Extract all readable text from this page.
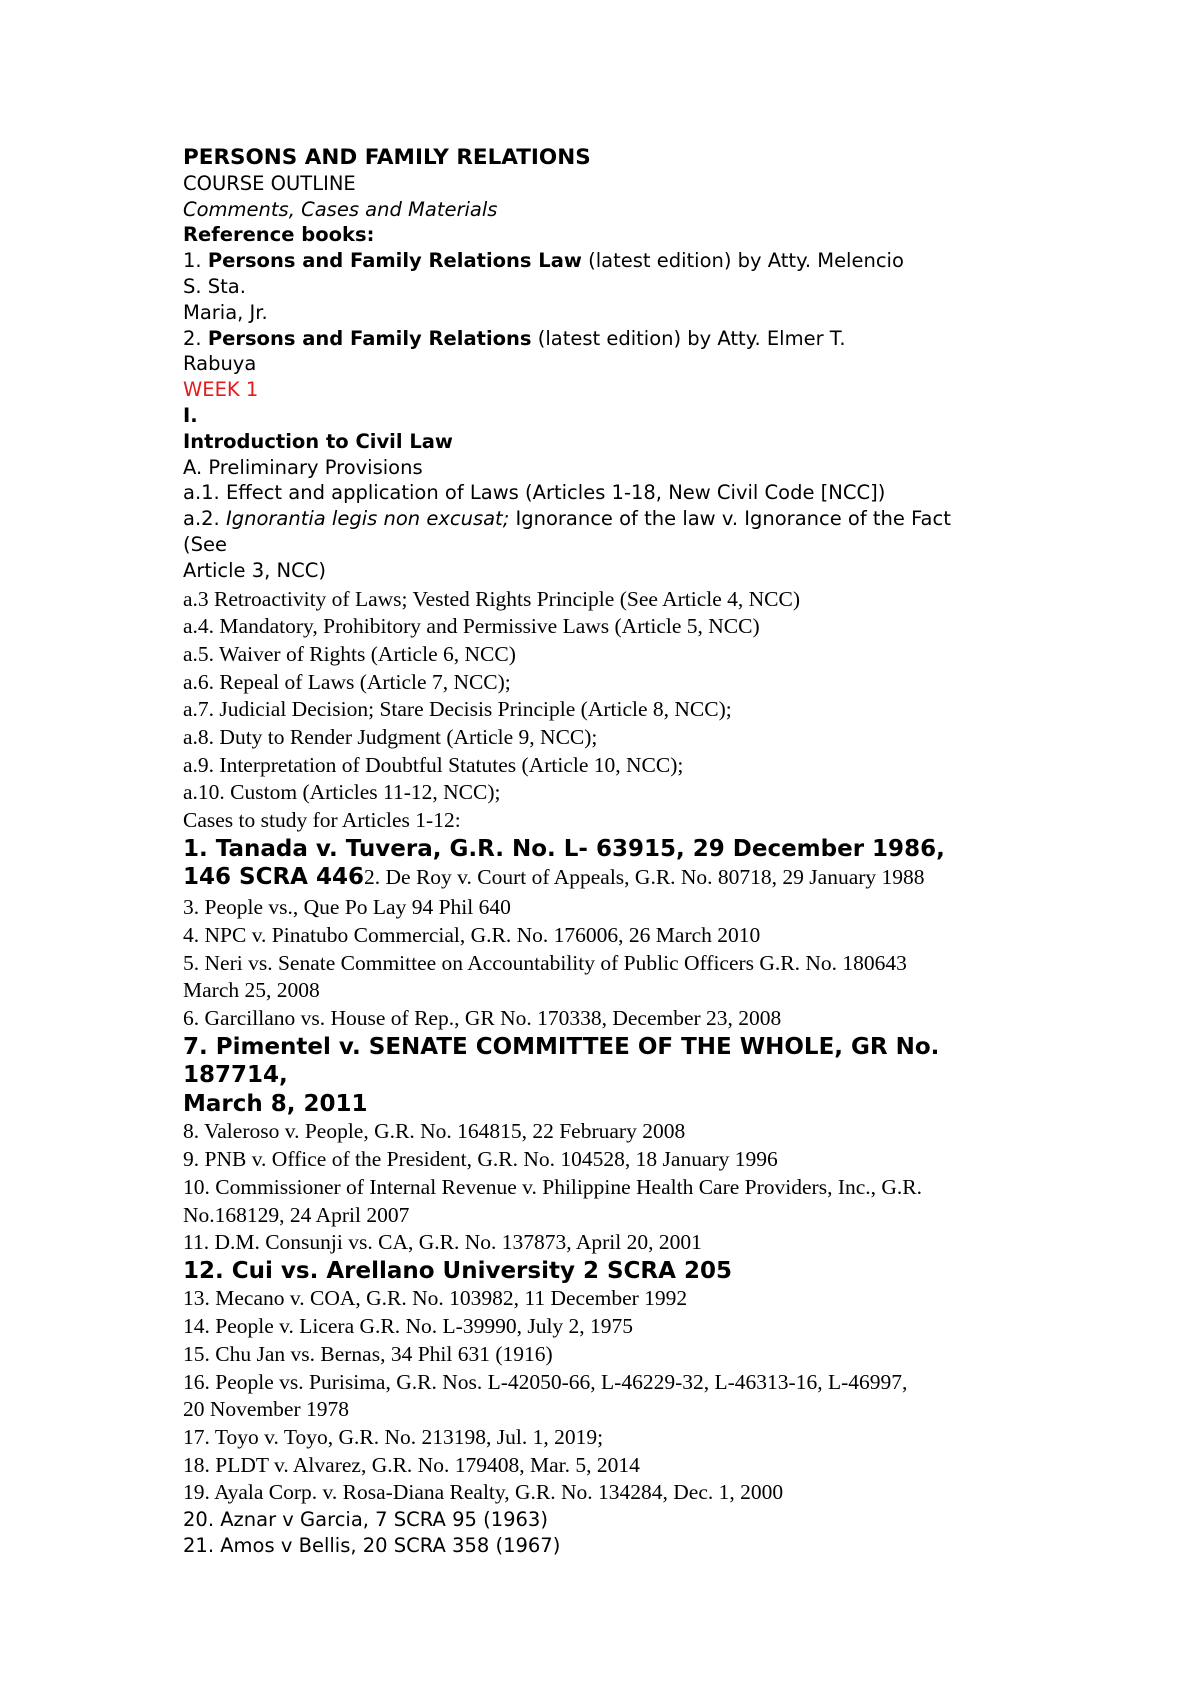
PERSONS AND FAMILY RELATIONS

COURSE OUTLINE

Comments, Cases and Materials

Reference books:

1. Persons and Family Relations Law (latest edition) by Atty. Melencio

S. Sta.

Maria, Jr.

2. Persons and Family Relations (latest edition) by Atty. Elmer T.

Rabuya

WEEK 1

I.

Introduction to Civil Law

A. Preliminary Provisions

a.1. Effect and application of Laws (Articles 1-18, New Civil Code [NCC])

a.2. Ignorantia legis non excusat; Ignorance of the law v. Ignorance of the Fact

(See

Article 3, NCC)

a.3 Retroactivity of Laws; Vested Rights Principle (See Article 4, NCC)

a.4. Mandatory, Prohibitory and Permissive Laws (Article 5, NCC)

a.5. Waiver of Rights (Article 6, NCC)

a.6. Repeal of Laws (Article 7, NCC);

a.7. Judicial Decision; Stare Decisis Principle (Article 8, NCC);

a.8. Duty to Render Judgment (Article 9, NCC);

a.9. Interpretation of Doubtful Statutes (Article 10, NCC);

a.10. Custom (Articles 11-12, NCC);

Cases to study for Articles 1-12:

1. Tanada v. Tuvera, G.R. No. L- 63915, 29 December 1986,

146 SCRA 4462. De Roy v. Court of Appeals, G.R. No. 80718, 29 January 1988

3. People vs., Que Po Lay 94 Phil 640

4. NPC v. Pinatubo Commercial, G.R. No. 176006, 26 March 2010

5. Neri vs. Senate Committee on Accountability of Public Officers G.R. No. 180643

March 25, 2008

6. Garcillano vs. House of Rep., GR No. 170338, December 23, 2008

7. Pimentel v. SENATE COMMITTEE OF THE WHOLE, GR No.

187714,

March 8, 2011

8. Valeroso v. People, G.R. No. 164815, 22 February 2008

9. PNB v. Office of the President, G.R. No. 104528, 18 January 1996

10. Commissioner of Internal Revenue v. Philippine Health Care Providers, Inc., G.R.

No.168129, 24 April 2007

11. D.M. Consunji vs. CA, G.R. No. 137873, April 20, 2001

12. Cui vs. Arellano University 2 SCRA 205

13. Mecano v. COA, G.R. No. 103982, 11 December 1992

14. People v. Licera G.R. No. L-39990, July 2, 1975

15. Chu Jan vs. Bernas, 34 Phil 631 (1916)

16. People vs. Purisima, G.R. Nos. L-42050-66, L-46229-32, L-46313-16, L-46997,

20 November 1978

17. Toyo v. Toyo, G.R. No. 213198, Jul. 1, 2019;

18. PLDT v. Alvarez, G.R. No. 179408, Mar. 5, 2014

19. Ayala Corp. v. Rosa-Diana Realty, G.R. No. 134284, Dec. 1, 2000

20. Aznar v Garcia, 7 SCRA 95 (1963)

21. Amos v Bellis, 20 SCRA 358 (1967)
